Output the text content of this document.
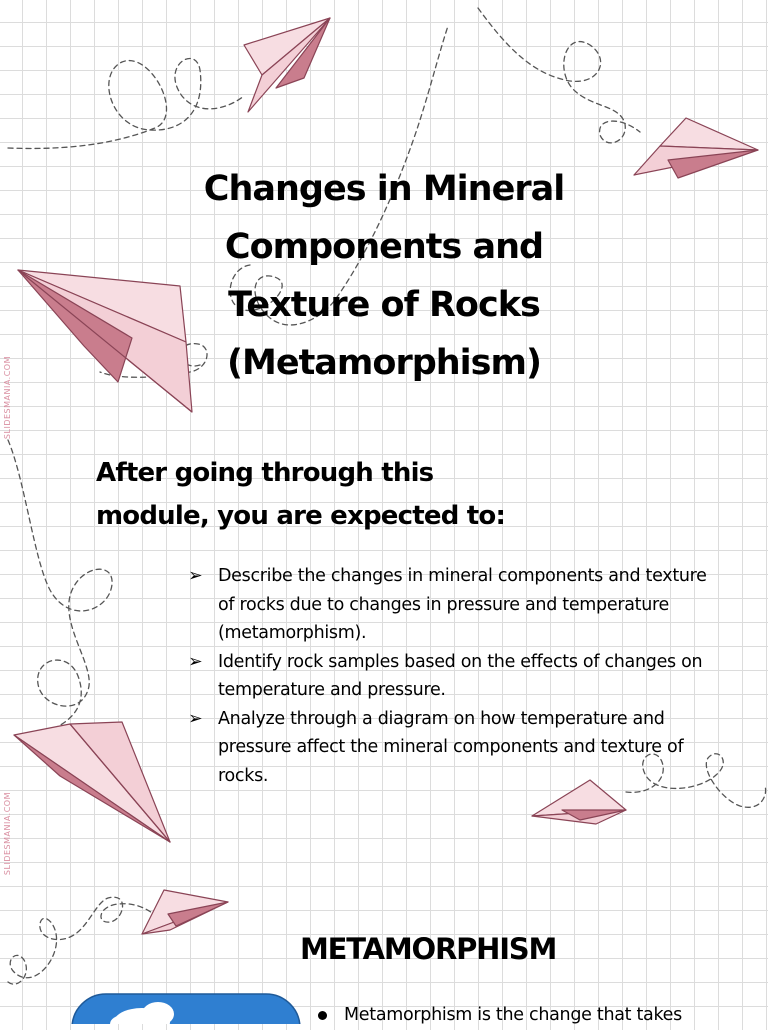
Changes in Mineral
Components and
Texture of Rocks
(Metamorphism)
After going through this
module, you are expected to:
➢ Describe the changes in mineral components and texture of rocks due to changes in pressure and temperature (metamorphism).
➢ Identify rock samples based on the effects of changes on temperature and pressure.
➢ Analyze through a diagram on how temperature and pressure affect the mineral components and texture of rocks.
METAMORPHISM
Metamorphism is the change that takes
SLIDESMANIA.COM
SLIDESMANIA.COM
